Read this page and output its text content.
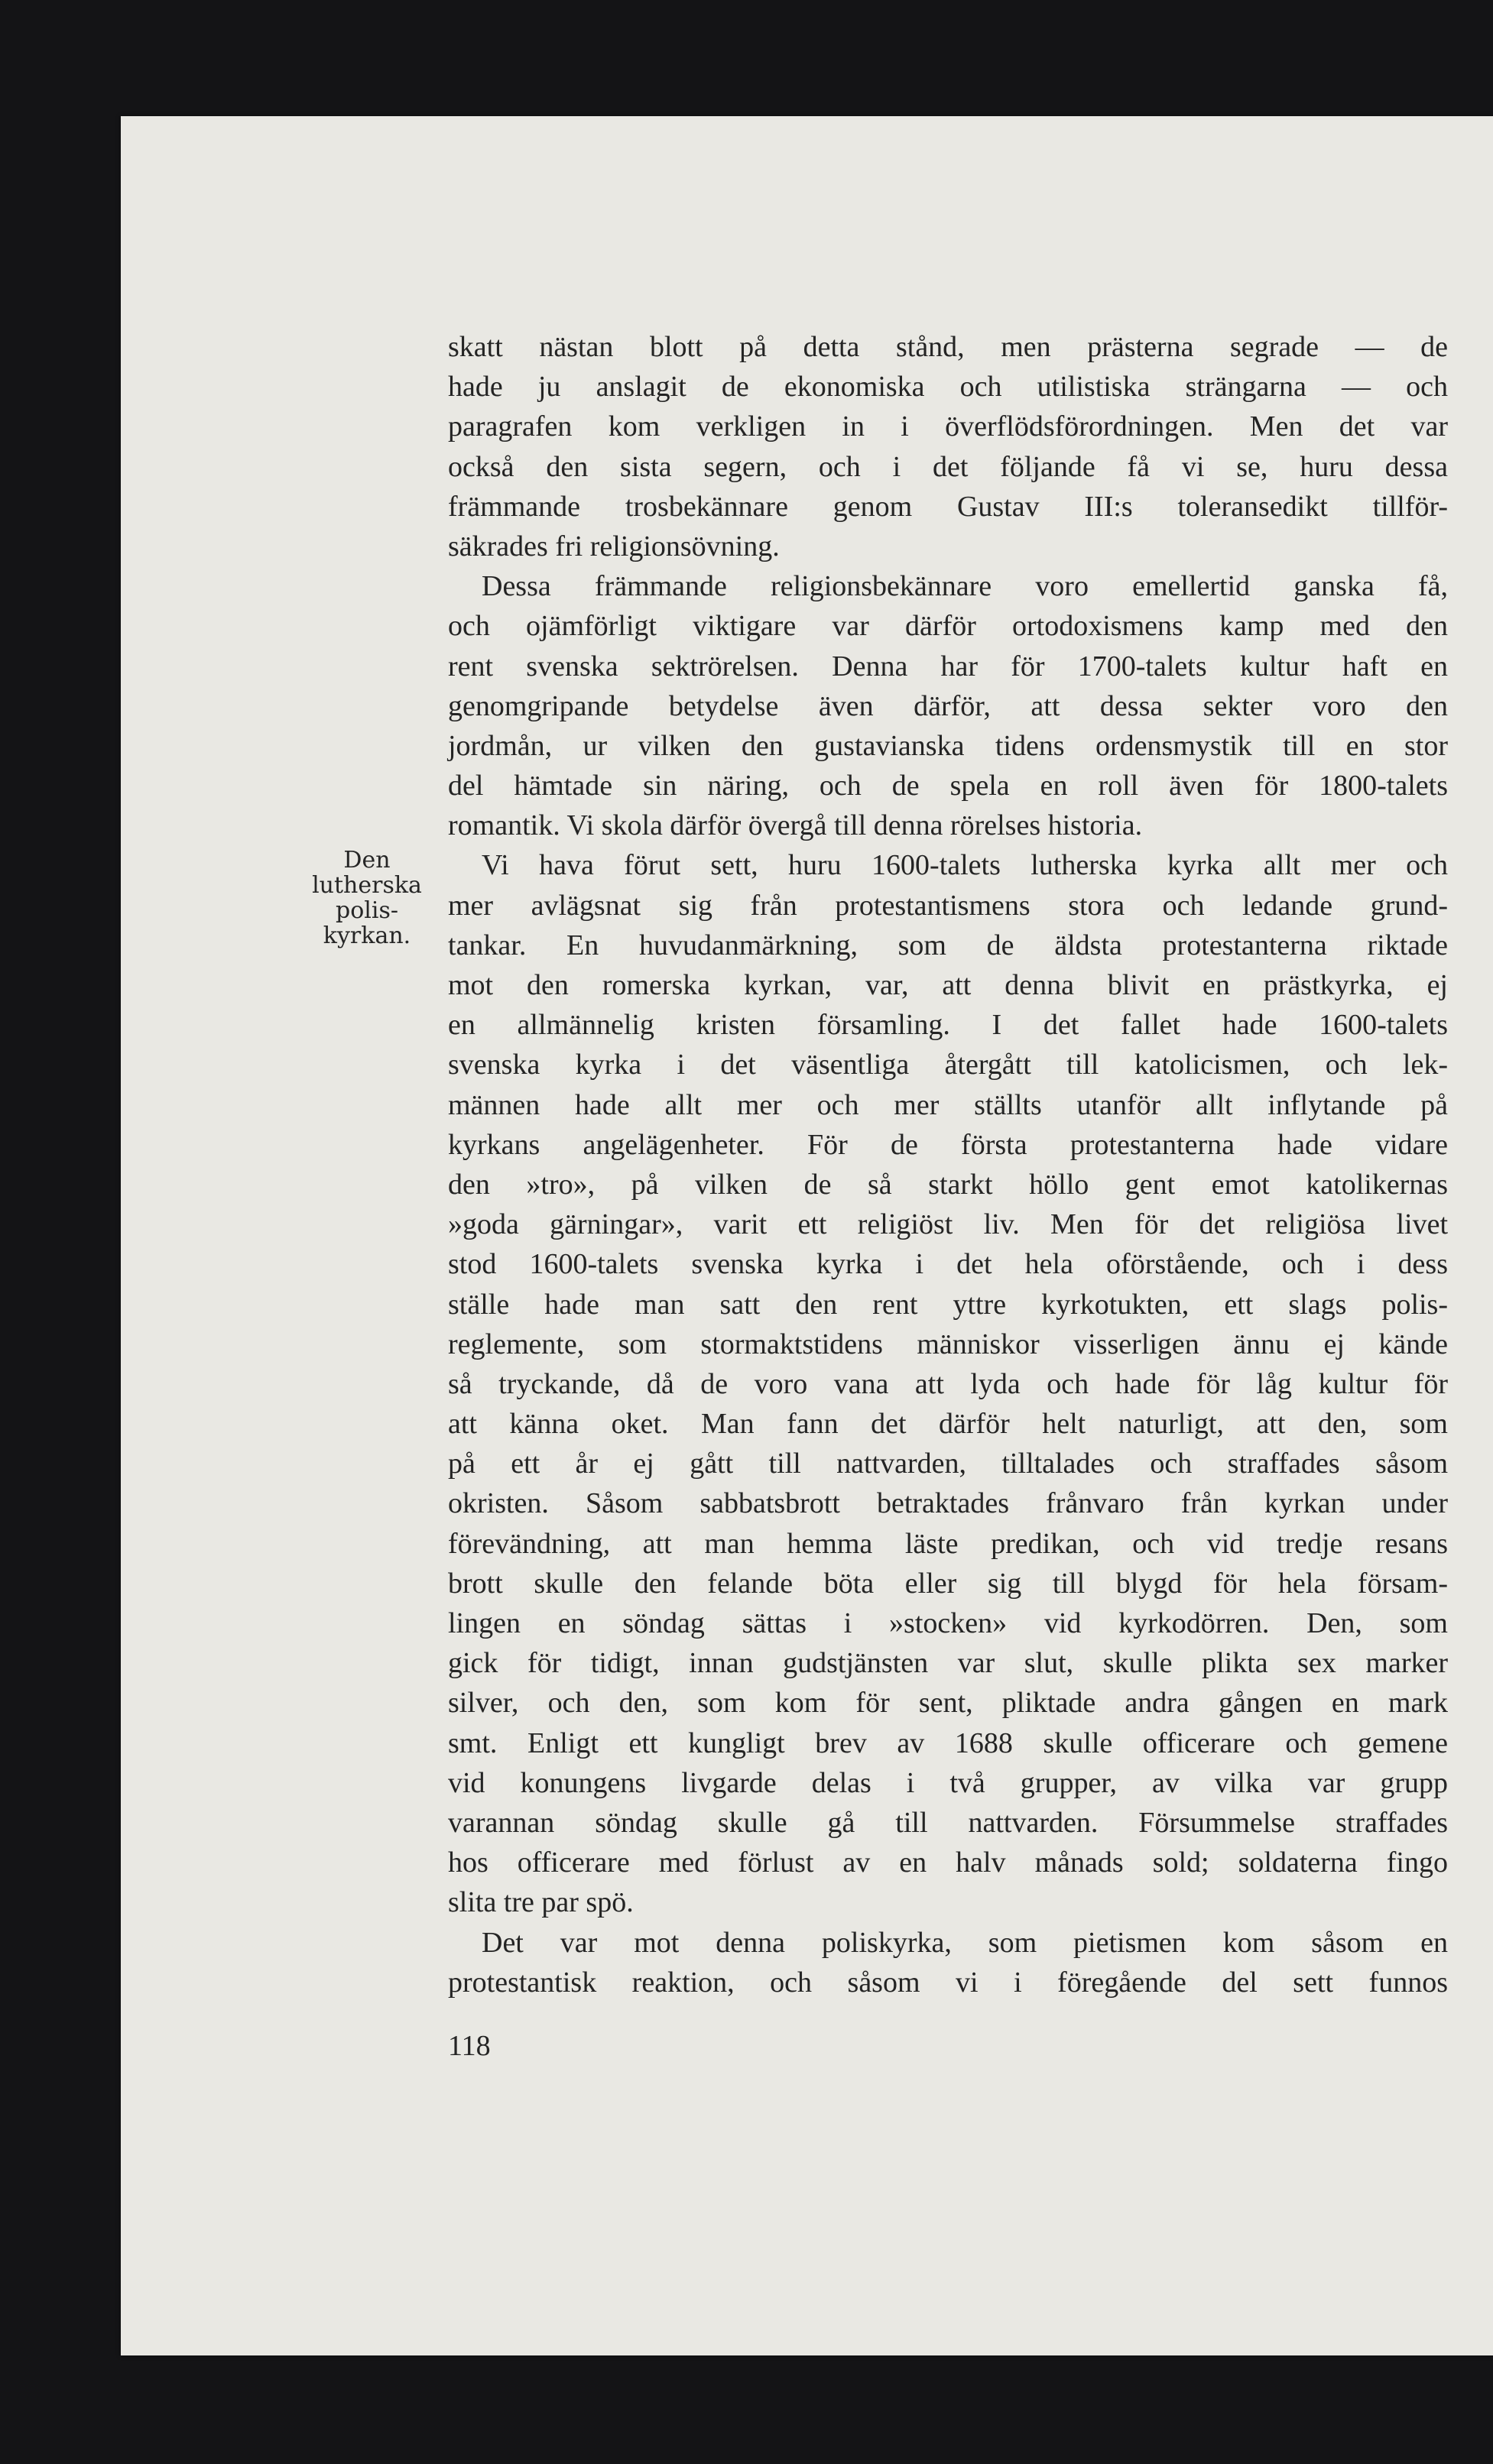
Den
lutherska
polis-
kyrkan.
skatt nästan blott på detta stånd, men prästerna segrade — de
hade ju anslagit de ekonomiska och utilistiska strängarna — och
paragrafen kom verkligen in i överflödsförordningen. Men det var
också den sista segern, och i det följande få vi se, huru dessa
främmande trosbekännare genom Gustav III:s toleransedikt tillför-
säkrades fri religionsövning.
Dessa främmande religionsbekännare voro emellertid ganska få,
och ojämförligt viktigare var därför ortodoxismens kamp med den
rent svenska sektrörelsen. Denna har för 1700-talets kultur haft en
genomgripande betydelse även därför, att dessa sekter voro den
jordmån, ur vilken den gustavianska tidens ordensmystik till en stor
del hämtade sin näring, och de spela en roll även för 1800-talets
romantik. Vi skola därför övergå till denna rörelses historia.
Vi hava förut sett, huru 1600-talets lutherska kyrka allt mer och
mer avlägsnat sig från protestantismens stora och ledande grund-
tankar. En huvudanmärkning, som de äldsta protestanterna riktade
mot den romerska kyrkan, var, att denna blivit en prästkyrka, ej
en allmännelig kristen församling. I det fallet hade 1600-talets
svenska kyrka i det väsentliga återgått till katolicismen, och lek-
männen hade allt mer och mer ställts utanför allt inflytande på
kyrkans angelägenheter. För de första protestanterna hade vidare
den »tro», på vilken de så starkt höllo gent emot katolikernas
»goda gärningar», varit ett religiöst liv. Men för det religiösa livet
stod 1600-talets svenska kyrka i det hela oförstående, och i dess
ställe hade man satt den rent yttre kyrkotukten, ett slags polis-
reglemente, som stormaktstidens människor visserligen ännu ej kände
så tryckande, då de voro vana att lyda och hade för låg kultur för
att känna oket. Man fann det därför helt naturligt, att den, som
på ett år ej gått till nattvarden, tilltalades och straffades såsom
okristen. Såsom sabbatsbrott betraktades frånvaro från kyrkan under
förevändning, att man hemma läste predikan, och vid tredje resans
brott skulle den felande böta eller sig till blygd för hela försam-
lingen en söndag sättas i »stocken» vid kyrkodörren. Den, som
gick för tidigt, innan gudstjänsten var slut, skulle plikta sex marker
silver, och den, som kom för sent, pliktade andra gången en mark
smt. Enligt ett kungligt brev av 1688 skulle officerare och gemene
vid konungens livgarde delas i två grupper, av vilka var grupp
varannan söndag skulle gå till nattvarden. Försummelse straffades
hos officerare med förlust av en halv månads sold; soldaterna fingo
slita tre par spö.
Det var mot denna poliskyrka, som pietismen kom såsom en
protestantisk reaktion, och såsom vi i föregående del sett funnos
118
